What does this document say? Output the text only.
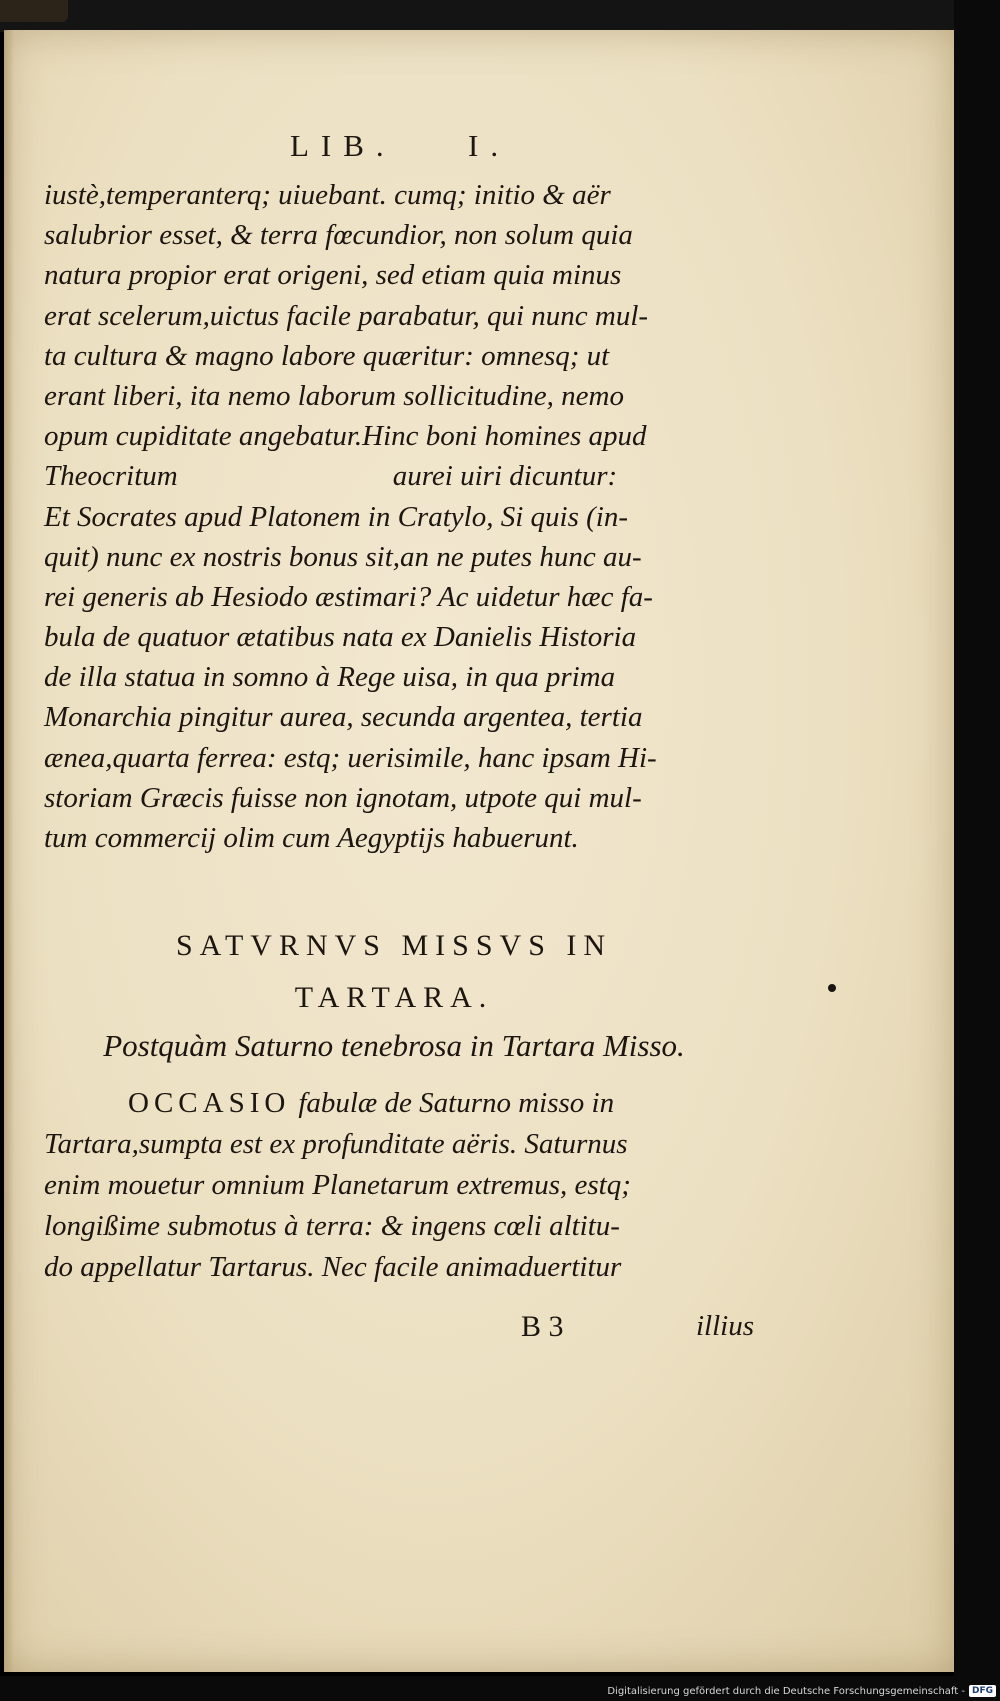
LIB. I.
iustè,temperanterq; uiuebant. cumq; initio & aër
salubrior esset, & terra fœcundior, non solum quia
natura propior erat origeni, sed etiam quia minus
erat scelerum,uictus facile parabatur, qui nunc mul-
ta cultura & magno labore quæritur: omnesq; ut
erant liberi, ita nemo laborum sollicitudine, nemo
opum cupiditate angebatur.Hinc boni homines apud
Theocritum	aurei uiri dicuntur:
Et Socrates apud Platonem in Cratylo, Si quis (in-
quit) nunc ex nostris bonus sit,an ne putes hunc au-
rei generis ab Hesiodo æstimari? Ac uidetur hæc fa-
bula de quatuor ætatibus nata ex Danielis Historia
de illa statua in somno à Rege uisa, in qua prima
Monarchia pingitur aurea, secunda argentea, tertia
ænea,quarta ferrea: estq; uerisimile, hanc ipsam Hi-
storiam Græcis fuisse non ignotam, utpote qui mul-
tum commercij olim cum Aegyptijs habuerunt.
SATVRNVS MISSVS IN
TARTARA.
Postquàm Saturno tenebrosa in Tartara Misso.
OCCASIO fabulæ de Saturno misso in
Tartara,sumpta est ex profunditate aëris. Saturnus
enim mouetur omnium Planetarum extremus, estq;
longißime submotus à terra: & ingens cœli altitu-
do appellatur Tartarus. Nec facile animaduertitur
B 3	illius
Digitalisierung gefördert durch die Deutsche Forschungsgemeinschaft - DFG
